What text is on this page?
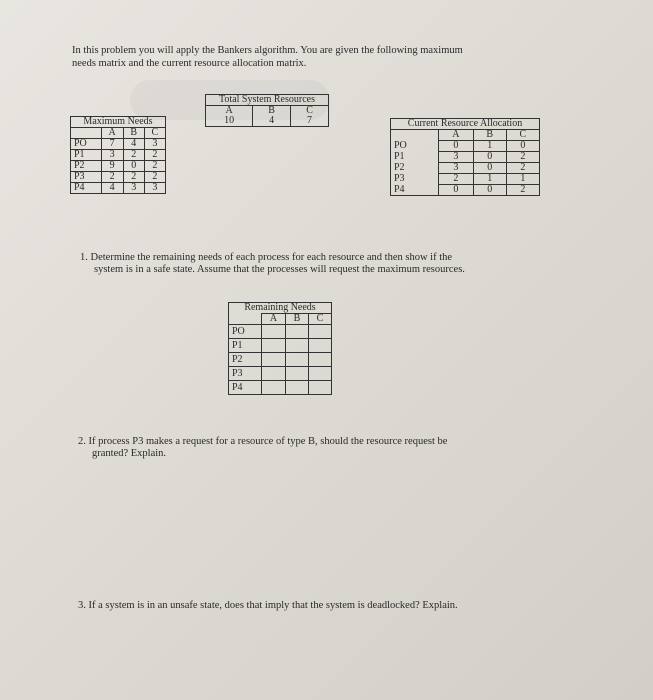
In this problem you will apply the Bankers algorithm. You are given the following maximum
needs matrix and the current resource allocation matrix.
Total System Resources		
A	B	C
10	4	7
Maximum Needs			
	A	B	C
PO	7	4	3
P1	3	2	2
P2	9	0	2
P3	2	2	2
P4	4	3	3
Current Resource Allocation			
	A	B	C
PO	0	1	0
P1	3	0	2
P2	3	0	2
P3	2	1	1
P4	0	0	2
1. Determine the remaining needs of each process for each resource and then show if the
system is in a safe state. Assume that the processes will request the maximum resources.
Remaining Needs			
	A	B	C
PO			
P1			
P2			
P3			
P4			
2. If process P3 makes a request for a resource of type B, should the resource request be
granted? Explain.
3. If a system is in an unsafe state, does that imply that the system is deadlocked? Explain.
